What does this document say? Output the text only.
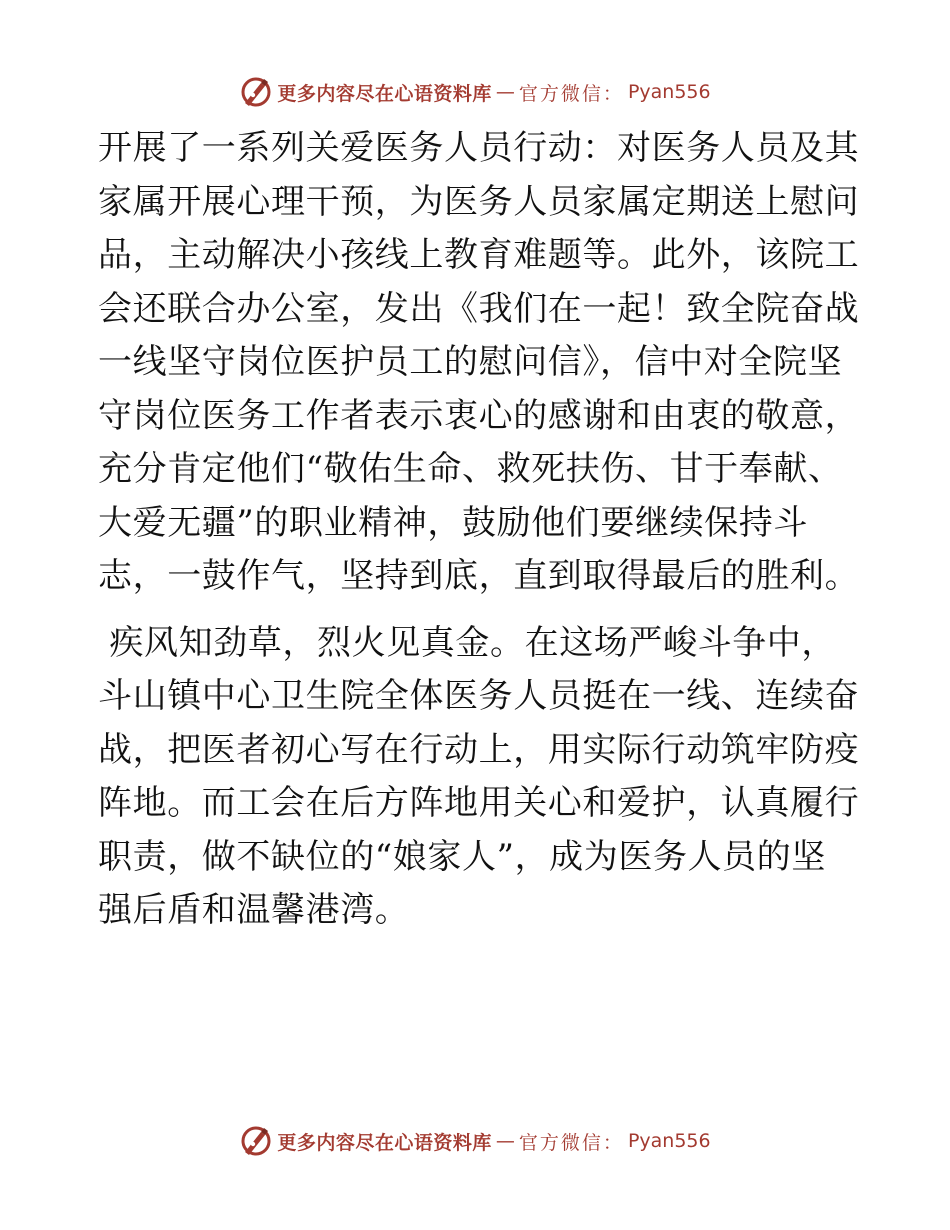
更多内容尽在心语资料库 — 官方微信： Pyan556
开展了一系列关爱医务人员行动：对医务人员及其
家属开展心理干预，为医务人员家属定期送上慰问
品，主动解决小孩线上教育难题等。此外，该院工
会还联合办公室，发出《我们在一起！致全院奋战
一线坚守岗位医护员工的慰问信》，信中对全院坚
守岗位医务工作者表示衷心的感谢和由衷的敬意，
充分肯定他们“敬佑生命、救死扶伤、甘于奉献、
大爱无疆”的职业精神，鼓励他们要继续保持斗
志，一鼓作气，坚持到底，直到取得最后的胜利。
疾风知劲草，烈火见真金。在这场严峻斗争中，
斗山镇中心卫生院全体医务人员挺在一线、连续奋
战，把医者初心写在行动上，用实际行动筑牢防疫
阵地。而工会在后方阵地用关心和爱护，认真履行
职责，做不缺位的“娘家人”，成为医务人员的坚
强后盾和温馨港湾。
更多内容尽在心语资料库 — 官方微信： Pyan556
